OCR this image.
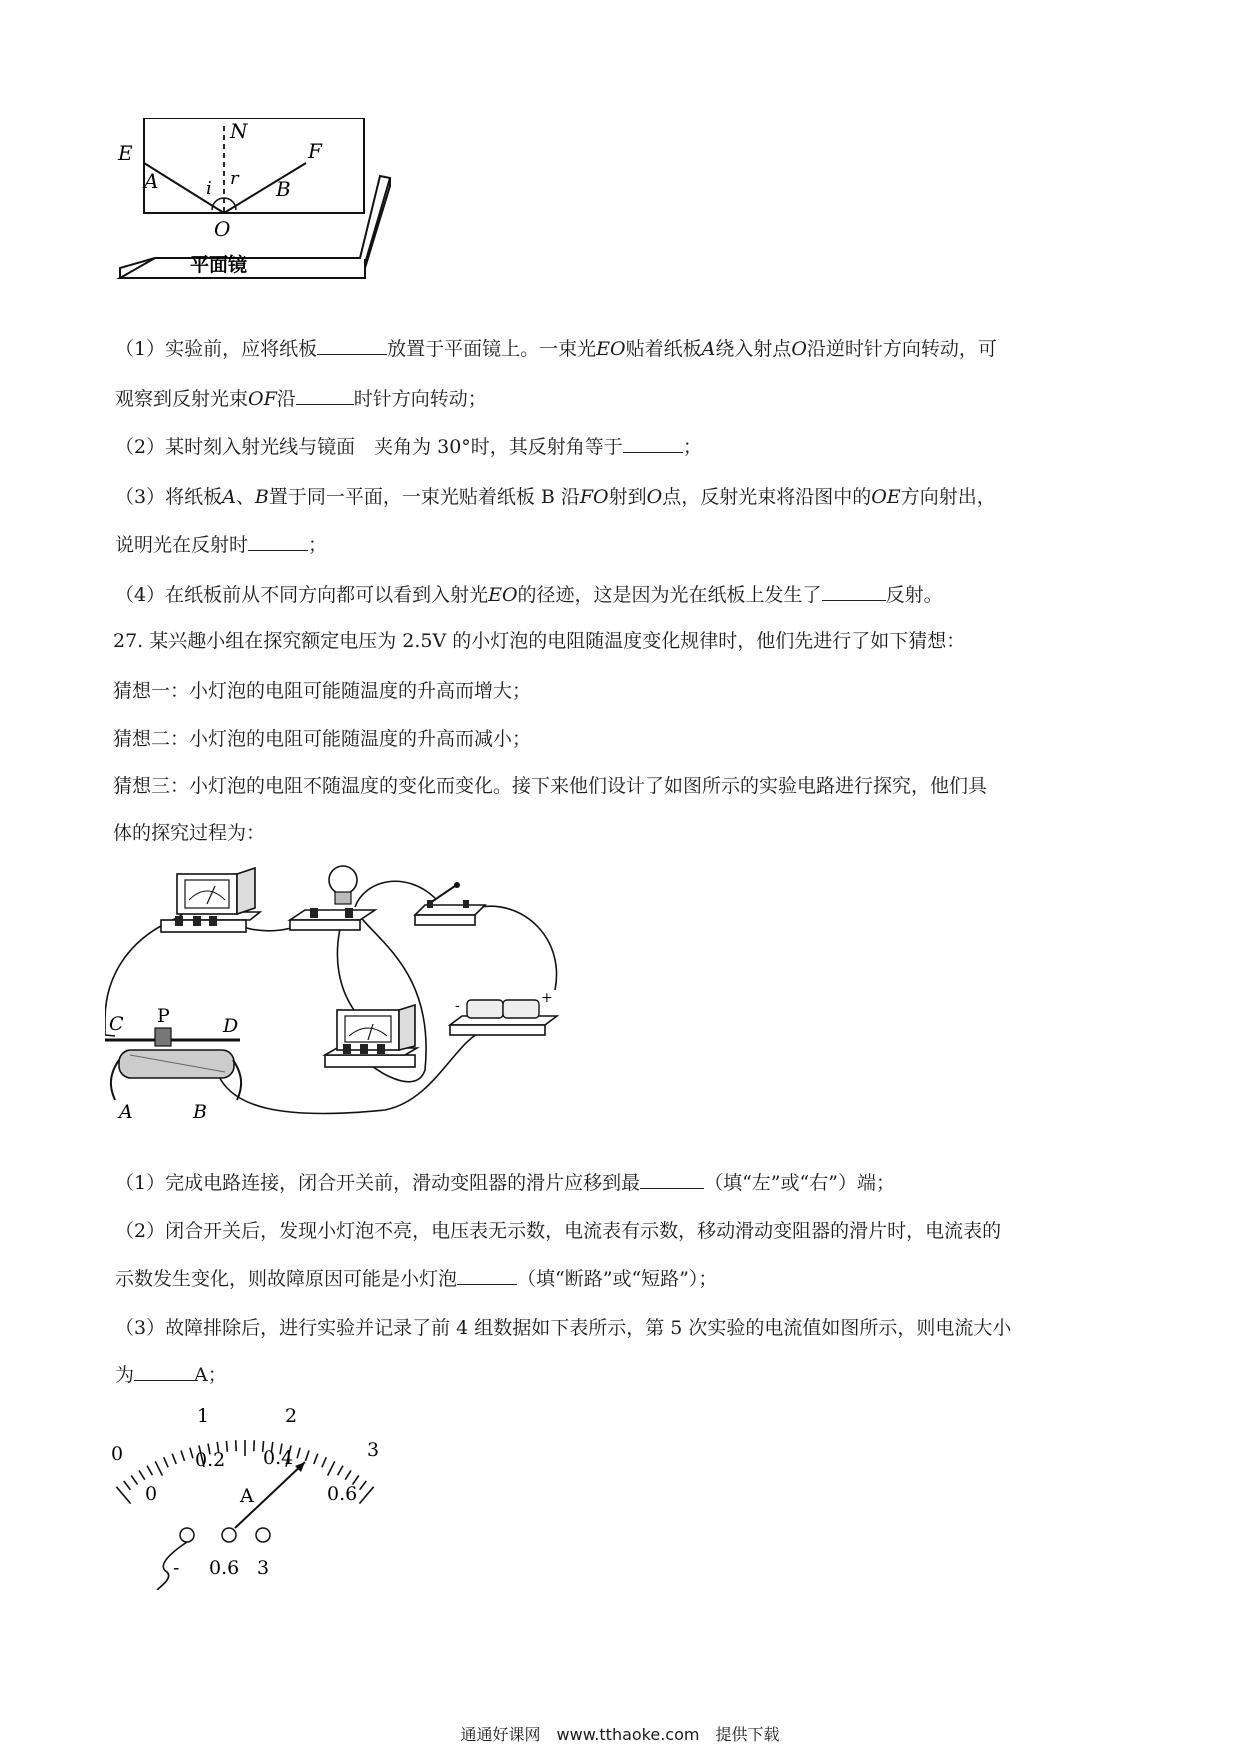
E
N
F
A	B
i r
O
平面镜
（1）实验前，应将纸板	放置于平面镜上。一束光EO贴着纸板A绕入射点O沿逆时针方向转动，可
观察到反射光束OF沿	时针方向转动；
（2）某时刻入射光线与镜面　夹角为 30°时，其反射角等于	；
（3）将纸板A、B置于同一平面，一束光贴着纸板 B 沿FO射到O点，反射光束将沿图中的OE方向射出，
说明光在反射时	；
（4）在纸板前从不同方向都可以看到入射光EO的径迹，这是因为光在纸板上发生了	反射。
27. 某兴趣小组在探究额定电压为 2.5V 的小灯泡的电阻随温度变化规律时，他们先进行了如下猜想：
猜想一：小灯泡的电阻可能随温度的升高而增大；
猜想二：小灯泡的电阻可能随温度的升高而减小；
猜想三：小灯泡的电阻不随温度的变化而变化。接下来他们设计了如图所示的实验电路进行探究，他们具
体的探究过程为：
-	+
C P	D
A	B
（1）完成电路连接，闭合开关前，滑动变阻器的滑片应移到最	（填“左”或“右”）端；
（2）闭合开关后，发现小灯泡不亮，电压表无示数，电流表有示数，移动滑动变阻器的滑片时，电流表的
示数发生变化，则故障原因可能是小灯泡	（填“断路”或“短路”）；
（3）故障排除后，进行实验并记录了前 4 组数据如下表所示，第 5 次实验的电流值如图所示，则电流大小
为	A；
0
1	2
3
0
0.2 0.4
0.6
A
- 0.6 3
通通好课网　www.tthaoke.com　提供下载
